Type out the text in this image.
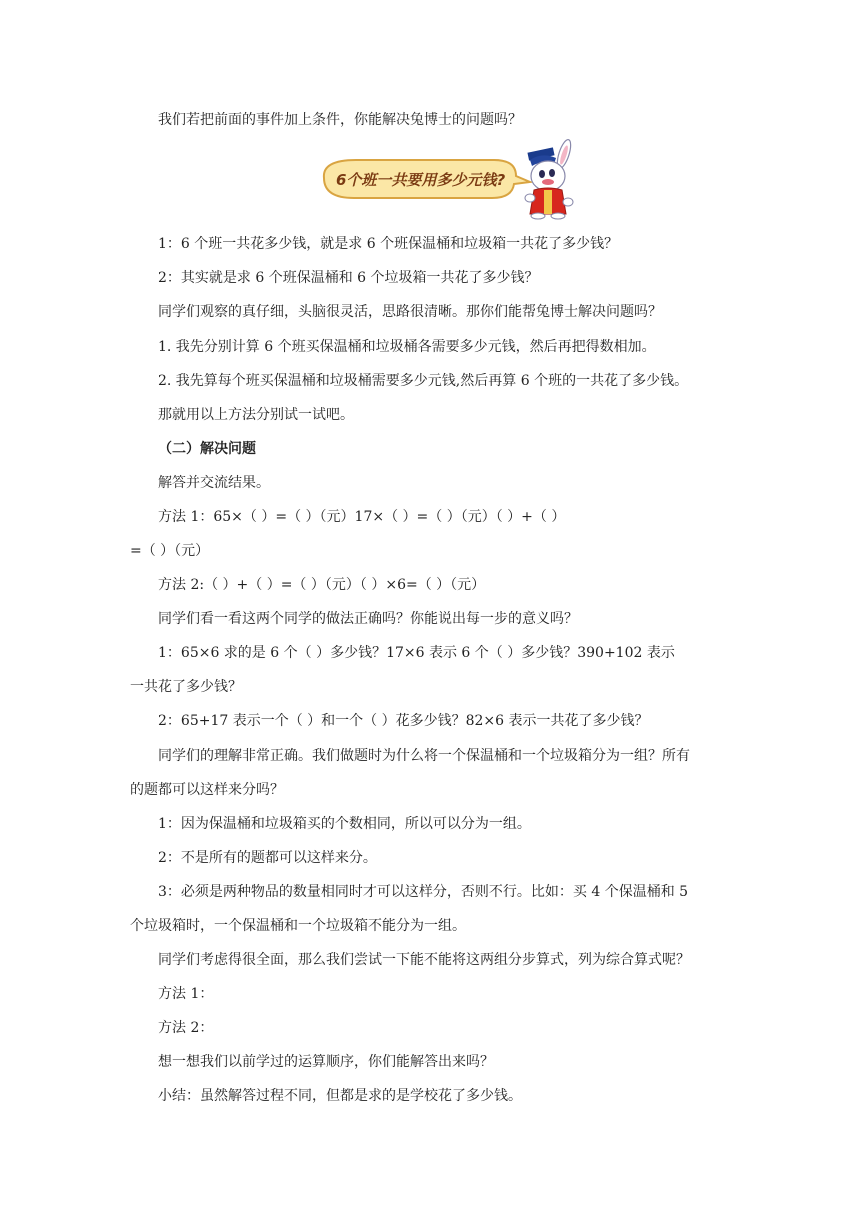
我们若把前面的事件加上条件，你能解决兔博士的问题吗？
6个班一共要用多少元钱?
1：6 个班一共花多少钱，就是求 6 个班保温桶和垃圾箱一共花了多少钱？
2：其实就是求 6 个班保温桶和 6 个垃圾箱一共花了多少钱？
同学们观察的真仔细，头脑很灵活，思路很清晰。那你们能帮兔博士解决问题吗？
1. 我先分别计算 6 个班买保温桶和垃圾桶各需要多少元钱，然后再把得数相加。
2. 我先算每个班买保温桶和垃圾桶需要多少元钱,然后再算 6 个班的一共花了多少钱。
那就用以上方法分别试一试吧。
（二）解决问题
解答并交流结果。
方法 1：65×（ ）=（ ）（元）17×（ ）=（ ）（元）（ ）+（ ）
=（ ）（元）
方法 2:（ ）+（ ）=（ ）（元）（ ）×6=（ ）（元）
同学们看一看这两个同学的做法正确吗？你能说出每一步的意义吗？
1：65×6 求的是 6 个（ ）多少钱？17×6 表示 6 个（ ）多少钱？390+102 表示
一共花了多少钱？
2：65+17 表示一个（ ）和一个（ ）花多少钱？82×6 表示一共花了多少钱？
同学们的理解非常正确。我们做题时为什么将一个保温桶和一个垃圾箱分为一组？所有
的题都可以这样来分吗？
1：因为保温桶和垃圾箱买的个数相同，所以可以分为一组。
2：不是所有的题都可以这样来分。
3：必须是两种物品的数量相同时才可以这样分，否则不行。比如：买 4 个保温桶和 5
个垃圾箱时，一个保温桶和一个垃圾箱不能分为一组。
同学们考虑得很全面，那么我们尝试一下能不能将这两组分步算式，列为综合算式呢？
方法 1：
方法 2：
想一想我们以前学过的运算顺序，你们能解答出来吗？
小结：虽然解答过程不同，但都是求的是学校花了多少钱。
